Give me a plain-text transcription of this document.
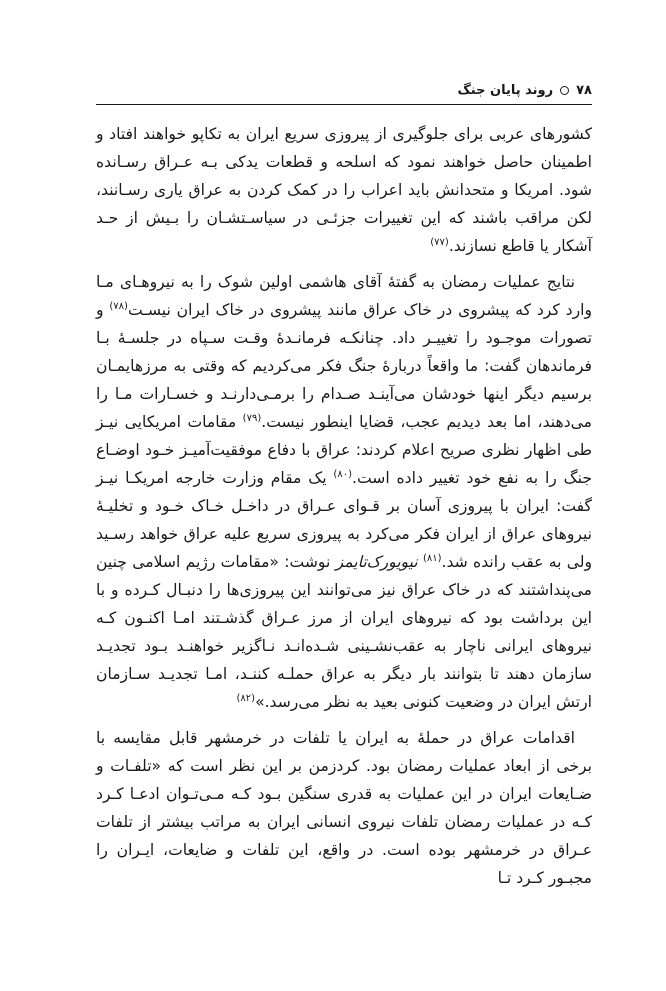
۷۸
روند پایان جنگ

کشورهای عربی برای جلوگیری از پیروزی سریع ایران به تکاپو خواهند افتاد و اطمینان حاصل خواهند نمود که اسلحه و قطعات یدکی بـه عـراق رسـانده شود. امریکا و متحدانش باید اعراب را در کمک کردن به عراق یاری رسـانند، لکن مراقب باشند که این تغییرات جزئـی در سیاسـتشـان را بـیش از حـد آشکار یا قاطع نسازند.$^{(۷۷)}$

نتایج عملیات رمضان به گفتهٔ آقای هاشمی اولین شوک را به نیروهـای مـا وارد کرد که پیشروی در خاک عراق مانند پیشروی در خاک ایران نیسـت$^{(۷۸)}$ و تصورات موجـود را تغییـر داد. چنانکـه فرمانـدهٔ وقـت سـپاه در جلسـهٔ بـا فرماندهان گفت: ما واقعاً دربارهٔ جنگ فکر می‌کردیم که وقتی به مرزهایمـان برسیم دیگر اینها خودشان می‌آینـد صـدام را برمـی‌دارنـد و خسـارات مـا را می‌دهند، اما بعد دیدیم عجب، قضایا اینطور نیست.$^{(۷۹)}$ مقامات امریکایی نیـز طی اظهار نظری صریح اعلام کردند: عراق با دفاع موفقیت‌آمیـز خـود اوضـاع جنگ را به نفع خود تغییر داده است.$^{(۸۰)}$ یک مقام وزارت خارجه امریکـا نیـز گفت: ایران با پیروزی آسان بر قـوای عـراق در داخـل خـاک خـود و تخلیـهٔ نیروهای عراق از ایران فکر می‌کرد به پیروزی سریع علیه عراق خواهد رسـید ولی به عقب رانده شد.$^{(۸۱)}$ نیویورک‌تایمز نوشت: «مقامات رژیم اسلامی چنین می‌پنداشتند که در خاک عراق نیز می‌توانند این پیروزی‌ها را دنبـال کـرده و با این برداشت بود که نیروهای ایران از مرز عـراق گذشـتند امـا اکنـون کـه نیروهای ایرانی ناچار به عقب‌نشـینی شـده‌انـد نـاگزیر خواهنـد بـود تجدیـد سازمان دهند تا بتوانند بار دیگر به عراق حملـه کننـد، امـا تجدیـد سـازمان ارتش ایران در وضعیت کنونی بعید به نظر می‌رسد.»$^{(۸۲)}$

اقدامات عراق در حملهٔ به ایران یا تلفات در خرمشهر قابل مقایسه با برخی از ابعاد عملیات رمضان بود. کردزمن بر این نظر است که «تلفـات و ضـایعات ایران در این عملیات به قدری سنگین بـود کـه مـی‌تـوان ادعـا کـرد کـه در عملیات رمضان تلفات نیروی انسانی ایران به مراتب بیشتر از تلفات عـراق در خرمشهر بوده است. در واقع، این تلفات و ضایعات، ایـران را مجبـور کـرد تـا
